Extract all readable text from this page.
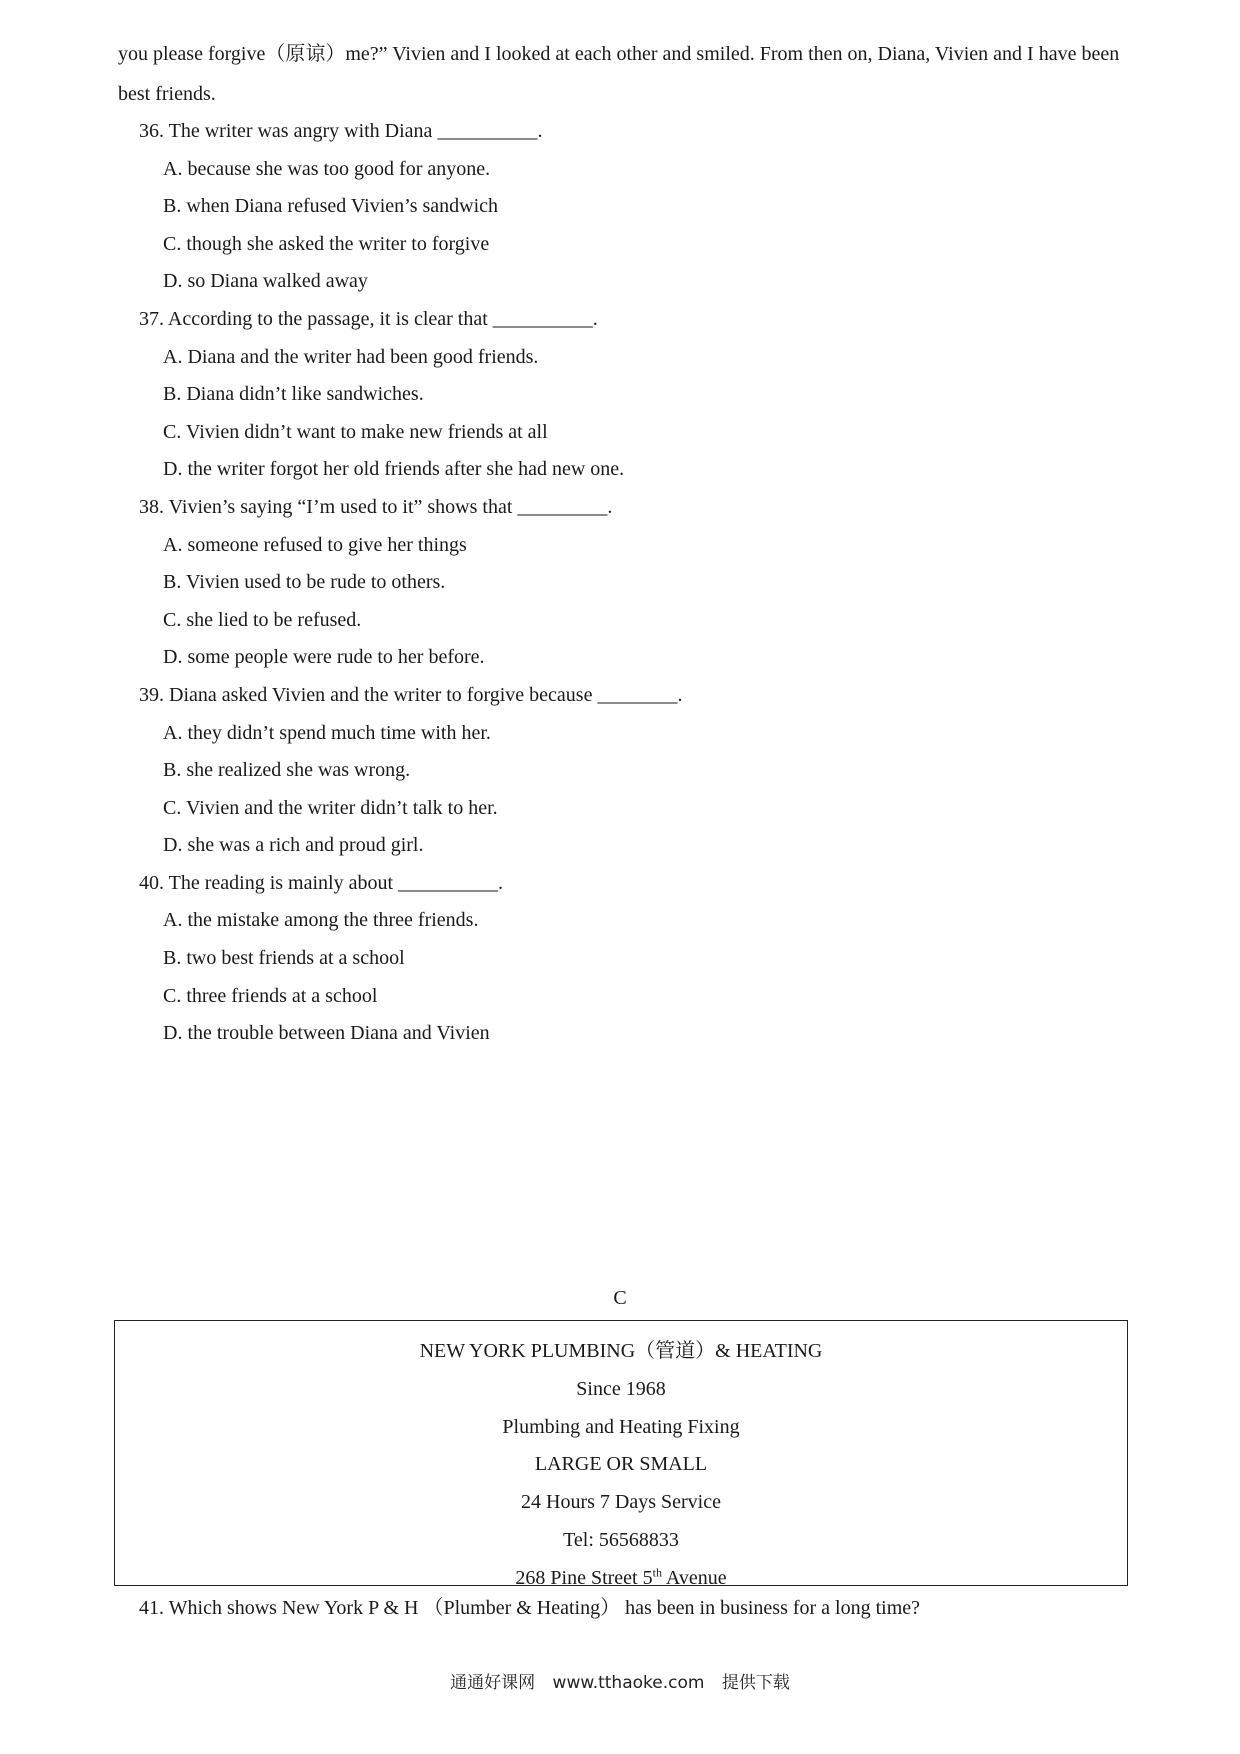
you please forgive（原谅）me?” Vivien and I looked at each other and smiled. From then on, Diana, Vivien and I have been best friends.

36. The writer was angry with Diana __________.
A. because she was too good for anyone.
B. when Diana refused Vivien’s sandwich
C. though she asked the writer to forgive
D. so Diana walked away
37. According to the passage, it is clear that __________.
A. Diana and the writer had been good friends.
B. Diana didn’t like sandwiches.
C. Vivien didn’t want to make new friends at all
D. the writer forgot her old friends after she had new one.
38. Vivien’s saying “I’m used to it” shows that _________.
A. someone refused to give her things
B. Vivien used to be rude to others.
C. she lied to be refused.
D. some people were rude to her before.
39. Diana asked Vivien and the writer to forgive because ________.
A. they didn’t spend much time with her.
B. she realized she was wrong.
C. Vivien and the writer didn’t talk to her.
D. she was a rich and proud girl.
40. The reading is mainly about __________.
A. the mistake among the three friends.
B. two best friends at a school
C. three friends at a school
D. the trouble between Diana and Vivien
C
NEW YORK PLUMBING（管道）& HEATING
Since 1968
Plumbing and Heating Fixing
LARGE OR SMALL
24 Hours 7 Days Service
Tel: 56568833
268 Pine Street 5th Avenue
41. Which shows New York P & H （Plumber & Heating） has been in business for a long time?
通通好课网 www.tthaoke.com 提供下载
